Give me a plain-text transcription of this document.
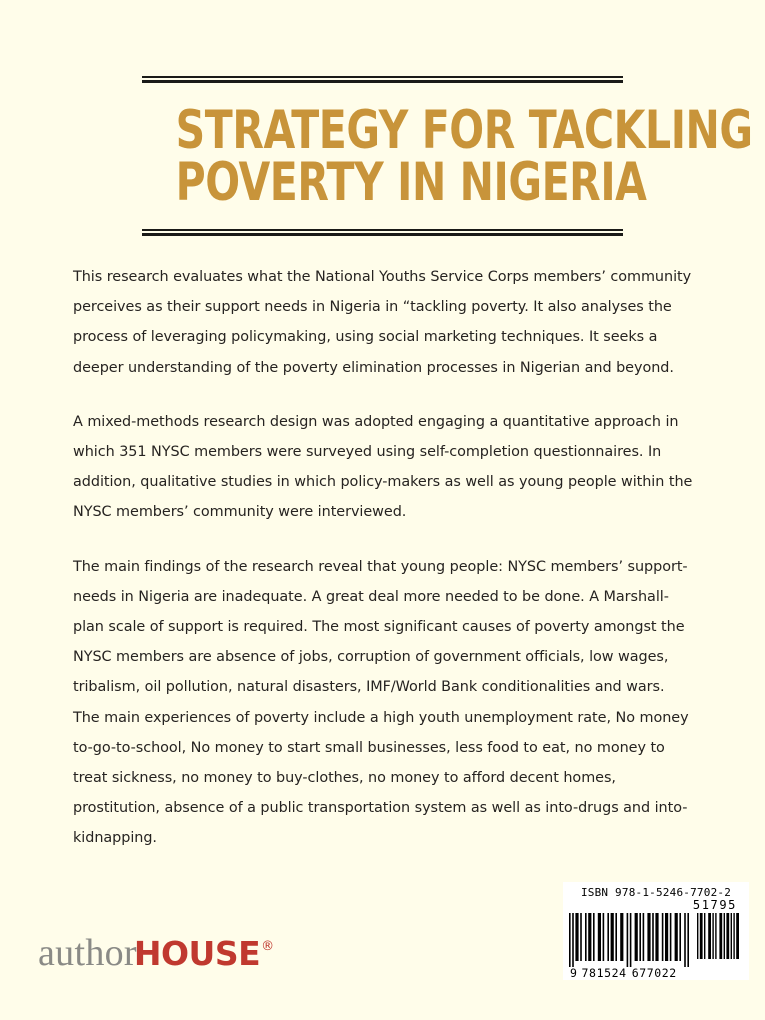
STRATEGY FOR TACKLING
POVERTY IN NIGERIA

This research evaluates what the National Youths Service Corps members’ community perceives as their support needs in Nigeria in “tackling poverty. It also analyses the process of leveraging policymaking, using social marketing techniques. It seeks a deeper understanding of the poverty elimination processes in Nigerian and beyond.

A mixed-methods research design was adopted engaging a quantitative approach in which 351 NYSC members were surveyed using self-completion questionnaires. In addition, qualitative studies in which policy-makers as well as young people within the NYSC members’ community were interviewed.

The main findings of the research reveal that young people: NYSC members’ support-needs in Nigeria are inadequate. A great deal more needed to be done. A Marshall-plan scale of support is required. The most significant causes of poverty amongst the NYSC members are absence of jobs, corruption of government officials, low wages, tribalism, oil pollution, natural disasters, IMF/World Bank conditionalities and wars. The main experiences of poverty include a high youth unemployment rate, No money to-go-to-school, No money to start small businesses, less food to eat, no money to treat sickness, no money to buy-clothes, no money to afford decent homes, prostitution, absence of a public transportation system as well as into-drugs and into-kidnapping.

authorHOUSE®
ISBN 978-1-5246-7702-2
51795
9 781524 677022
